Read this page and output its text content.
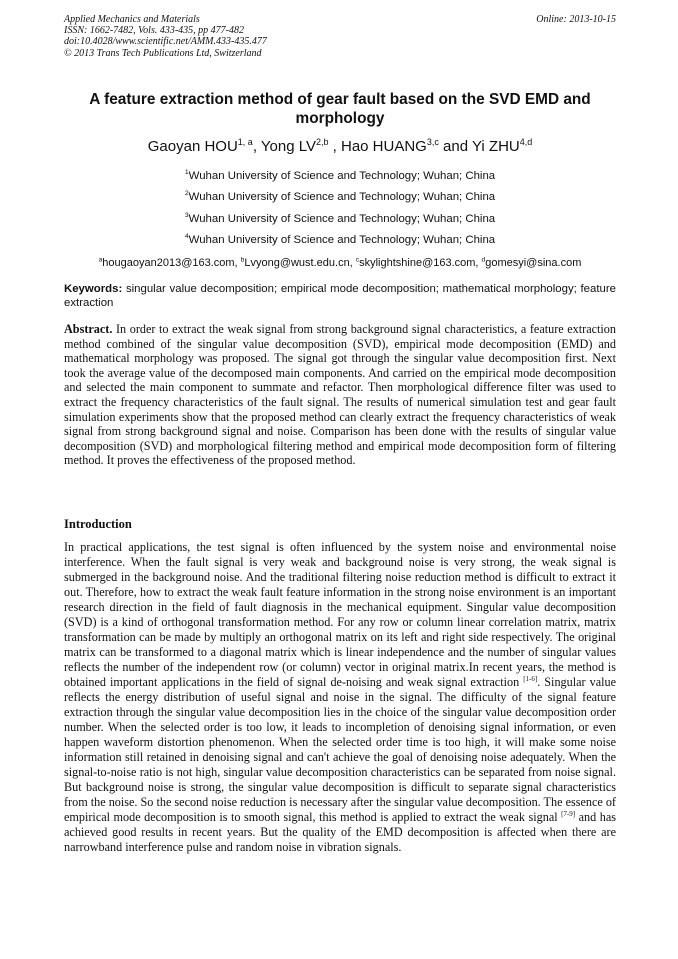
Applied Mechanics and Materials
ISSN: 1662-7482, Vols. 433-435, pp 477-482
doi:10.4028/www.scientific.net/AMM.433-435.477
© 2013 Trans Tech Publications Ltd, Switzerland
Online: 2013-10-15
A feature extraction method of gear fault based on the SVD EMD and morphology
Gaoyan HOU$^{1, a}$, Yong LV$^{2,b}$ , Hao HUANG$^{3,c}$ and Yi ZHU$^{4,d}$
$^1$Wuhan University of Science and Technology; Wuhan; China
$^2$Wuhan University of Science and Technology; Wuhan; China
$^3$Wuhan University of Science and Technology; Wuhan; China
$^4$Wuhan University of Science and Technology; Wuhan; China
$^a$hougaoyan2013@163.com, $^b$Lvyong@wust.edu.cn, $^c$skylightshine@163.com, $^d$gomesyi@sina.com
Keywords: singular value decomposition; empirical mode decomposition; mathematical morphology; feature extraction
Abstract. In order to extract the weak signal from strong background signal characteristics, a feature extraction method combined of the singular value decomposition (SVD), empirical mode decomposition (EMD) and mathematical morphology was proposed. The signal got through the singular value decomposition first. Next took the average value of the decomposed main components. And carried on the empirical mode decomposition and selected the main component to summate and refactor. Then morphological difference filter was used to extract the frequency characteristics of the fault signal. The results of numerical simulation test and gear fault simulation experiments show that the proposed method can clearly extract the frequency characteristics of weak signal from strong background signal and noise. Comparison has been done with the results of singular value decomposition (SVD) and morphological filtering method and empirical mode decomposition form of filtering method. It proves the effectiveness of the proposed method.
Introduction
In practical applications, the test signal is often influenced by the system noise and environmental noise interference. When the fault signal is very weak and background noise is very strong, the weak signal is submerged in the background noise. And the traditional filtering noise reduction method is difficult to extract it out. Therefore, how to extract the weak fault feature information in the strong noise environment is an important research direction in the field of fault diagnosis in the mechanical equipment. Singular value decomposition (SVD) is a kind of orthogonal transformation method. For any row or column linear correlation matrix, matrix transformation can be made by multiply an orthogonal matrix on its left and right side respectively. The original matrix can be transformed to a diagonal matrix which is linear independence and the number of singular values reflects the number of the independent row (or column) vector in original matrix.In recent years, the method is obtained important applications in the field of signal de-noising and weak signal extraction [1-6]. Singular value reflects the energy distribution of useful signal and noise in the signal. The difficulty of the signal feature extraction through the singular value decomposition lies in the choice of the singular value decomposition order number. When the selected order is too low, it leads to incompletion of denoising signal information, or even happen waveform distortion phenomenon. When the selected order time is too high, it will make some noise information still retained in denoising signal and can't achieve the goal of denoising noise adequately. When the signal-to-noise ratio is not high, singular value decomposition characteristics can be separated from noise signal. But background noise is strong, the singular value decomposition is difficult to separate signal characteristics from the noise. So the second noise reduction is necessary after the singular value decomposition. The essence of empirical mode decomposition is to smooth signal, this method is applied to extract the weak signal [7-9] and has achieved good results in recent years. But the quality of the EMD decomposition is affected when there are narrowband interference pulse and random noise in vibration signals.
